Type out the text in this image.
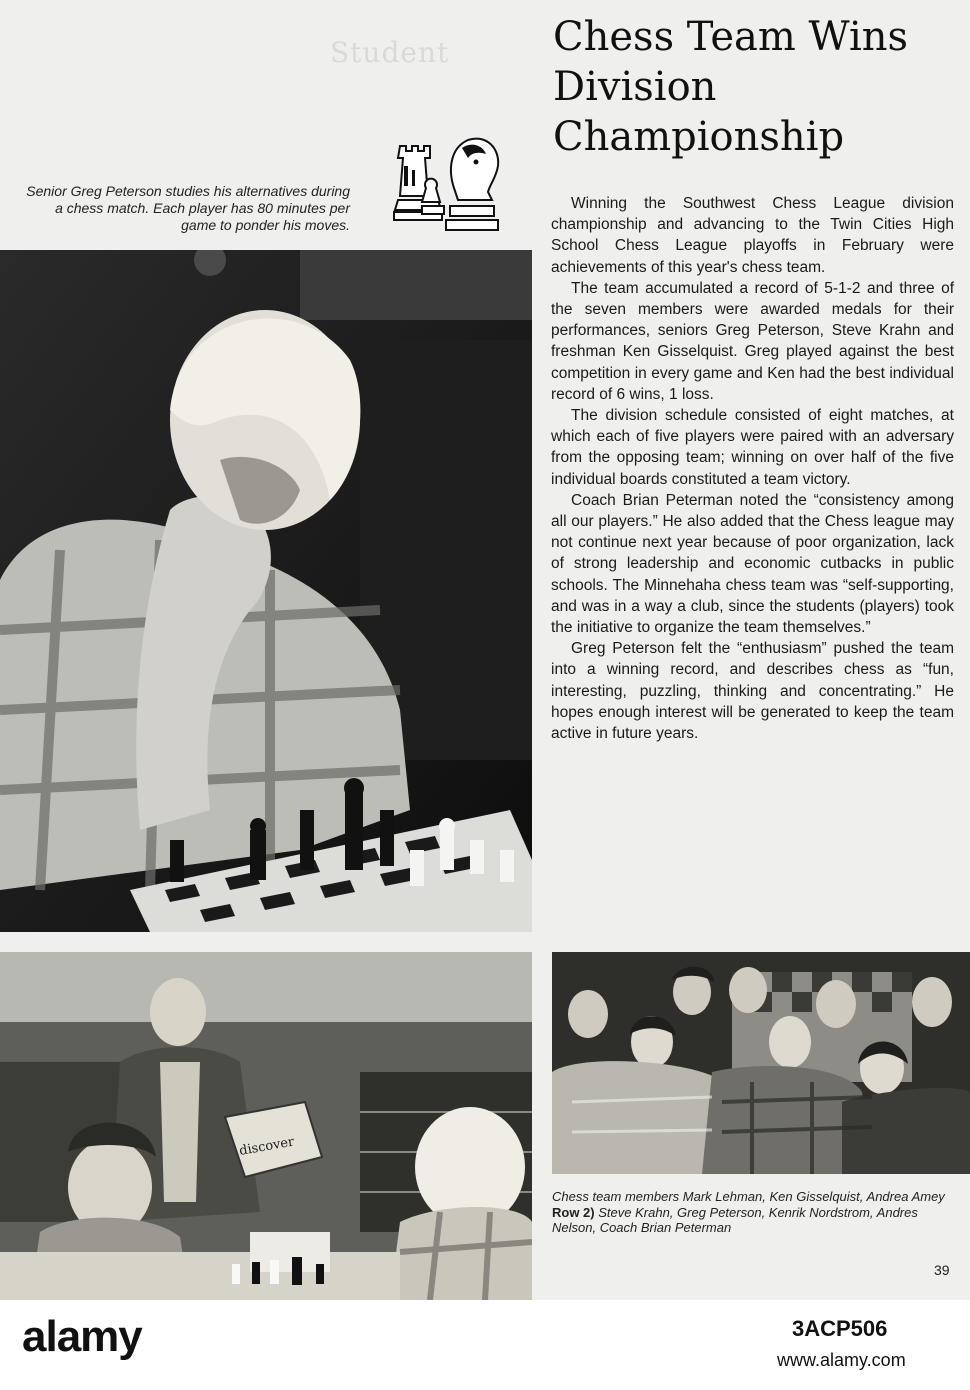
Student	Chess Team Wins Division Championship

Senior Greg Peterson studies his alternatives during a chess match. Each player has 80 minutes per game to ponder his moves.

Winning the Southwest Chess League division championship and advancing to the Twin Cities High School Chess League playoffs in February were achievements of this year's chess team.

The team accumulated a record of 5-1-2 and three of the seven members were awarded medals for their performances, seniors Greg Peterson, Steve Krahn and freshman Ken Gisselquist. Greg played against the best competition in every game and Ken had the best individual record of 6 wins, 1 loss.

The division schedule consisted of eight matches, at which each of five players were paired with an adversary from the opposing team; winning on over half of the five individual boards constituted a team victory.

Coach Brian Peterman noted the “consistency among all our players.” He also added that the Chess league may not continue next year because of poor organization, lack of strong leadership and economic cutbacks in public schools. The Minnehaha chess team was “self-supporting, and was in a way a club, since the students (players) took the initiative to organize the team themselves.”

Greg Peterson felt the “enthusiasm” pushed the team into a winning record, and describes chess as “fun, interesting, puzzling, thinking and concentrating.” He hopes enough interest will be generated to keep the team active in future years.

discover

Chess team members Mark Lehman, Ken Gisselquist, Andrea Amey Row 2) Steve Krahn, Greg Peterson, Kenrik Nordstrom, Andres Nelson, Coach Brian Peterman

39
alamy	3ACP506
www.alamy.com
